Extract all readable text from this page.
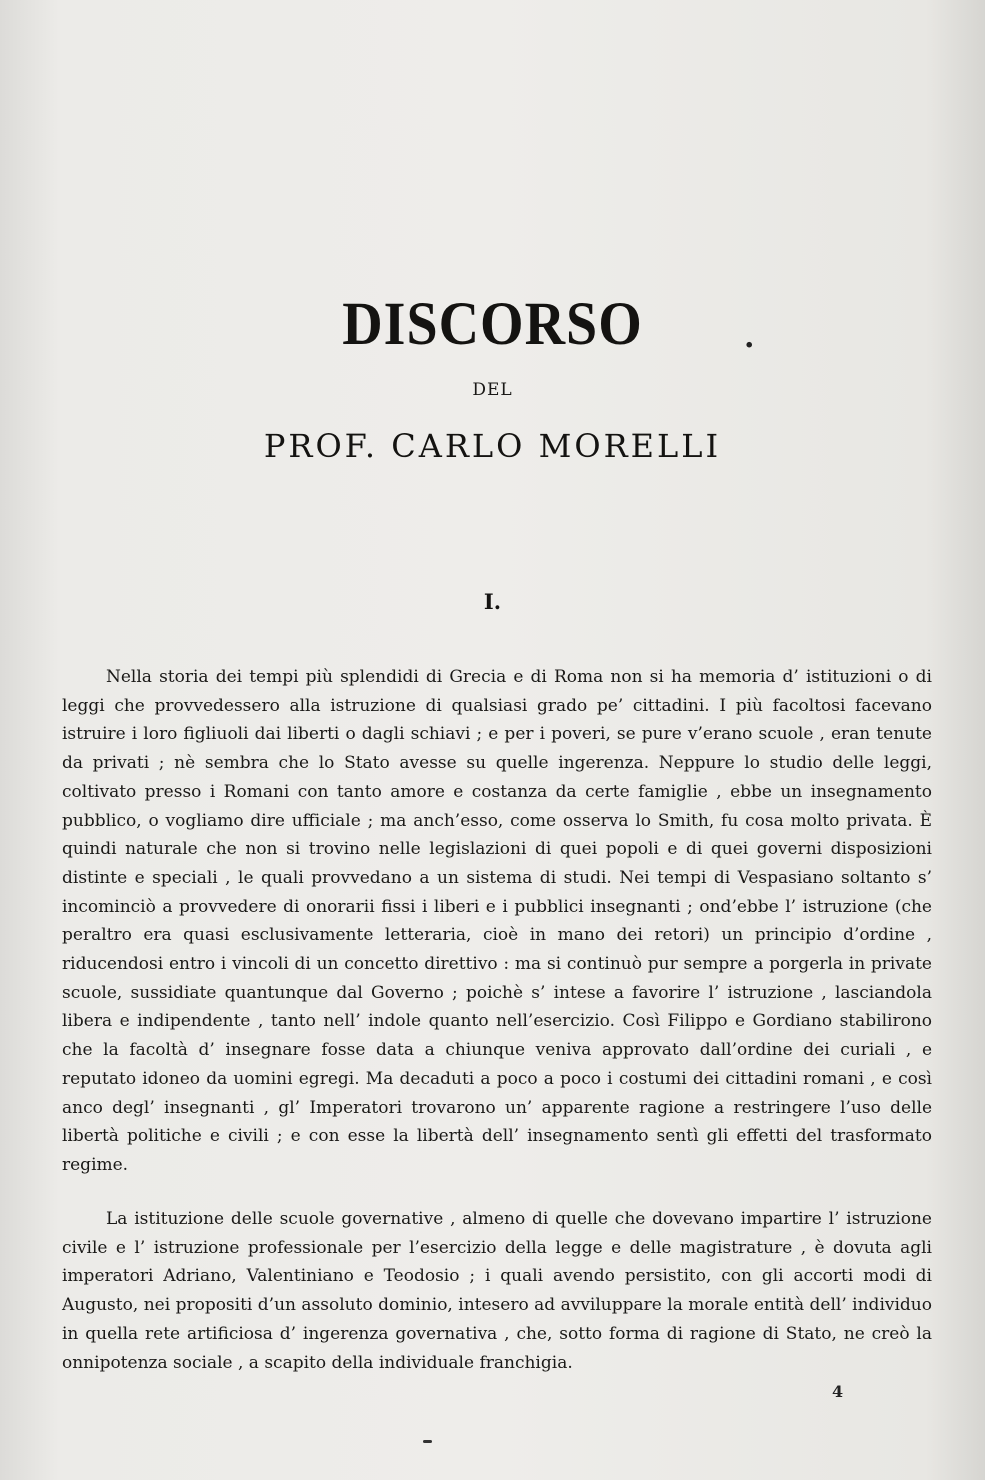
DISCORSO	.
DEL
PROF. CARLO MORELLI
I.

Nella storia dei tempi più splendidi di Grecia e di Roma non si ha memoria d’ istituzioni o di leggi che provvedessero alla istruzione di qualsiasi grado pe’ cittadini. I più facoltosi facevano istruire i loro figliuoli dai liberti o dagli schiavi ; e per i poveri, se pure v’erano scuole , eran tenute da privati ; nè sembra che lo Stato avesse su quelle ingerenza. Neppure lo studio delle leggi, coltivato presso i Romani con tanto amore e costanza da certe famiglie , ebbe un insegnamento pubblico, o vogliamo dire ufficiale ; ma anch’esso, come osserva lo Smith, fu cosa molto privata. È quindi naturale che non si trovino nelle legislazioni di quei popoli e di quei governi disposizioni distinte e speciali , le quali provvedano a un sistema di studi. Nei tempi di Vespasiano soltanto s’ incominciò a provvedere di onorarii fissi i liberi e i pubblici insegnanti ; ond’ebbe l’ istruzione (che peraltro era quasi esclusivamente letteraria, cioè in mano dei retori) un principio d’ordine , riducendosi entro i vincoli di un concetto direttivo : ma si continuò pur sempre a porgerla in private scuole, sussidiate quantunque dal Governo ; poichè s’ intese a favorire l’ istruzione , lasciandola libera e indipendente , tanto nell’ indole quanto nell’esercizio. Così Filippo e Gordiano stabilirono che la facoltà d’ insegnare fosse data a chiunque veniva approvato dall’ordine dei curiali , e reputato idoneo da uomini egregi. Ma decaduti a poco a poco i costumi dei cittadini romani , e così anco degl’ insegnanti , gl’ Imperatori trovarono un’ apparente ragione a restringere l’uso delle libertà politiche e civili ; e con esse la libertà dell’ insegnamento sentì gli effetti del trasformato regime.

La istituzione delle scuole governative , almeno di quelle che dovevano impartire l’ istruzione civile e l’ istruzione professionale per l’esercizio della legge e delle magistrature , è dovuta agli imperatori Adriano, Valentiniano e Teodosio ; i quali avendo persistito, con gli accorti modi di Augusto, nei propositi d’un assoluto dominio, intesero ad avviluppare la morale entità dell’ individuo in quella rete artificiosa d’ ingerenza governativa , che, sotto forma di ragione di Stato, ne creò la onnipotenza sociale , a scapito della individuale franchigia.

4
